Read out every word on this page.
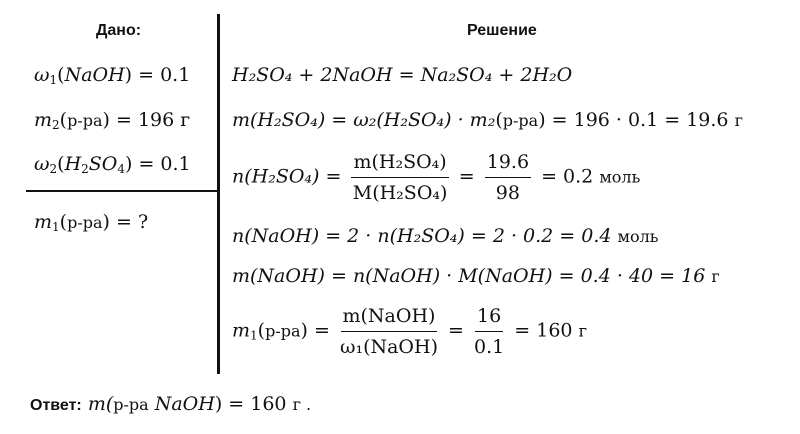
Дано:	Решение
$\omega_1(NaOH) = 0.1$
$m_2(р-ра) = 196$ г
$\omega_2(H_2SO_4) = 0.1$
$m_1(р-ра)$ = ?
H₂SO₄ + 2NaOH = Na₂SO₄ + 2H₂O
m(H₂SO₄) = ω₂(H₂SO₄) · m₂(р-ра) = 196 · 0.1 = 19.6 г
$n(H_2SO_4) = \frac{\text{m(H₂SO₄)}}{\text{M(H₂SO₄)}} = \frac{19.6}{98} = 0.2$ моль
n(NaOH) = 2 · n(H₂SO₄) = 2 · 0.2 = 0.4 моль
m(NaOH) = n(NaOH) · M(NaOH) = 0.4 · 40 = 16 г
$m_1(р-ра) = \frac{\text{m(NaOH)}}{\text{ω₁(NaOH)}} = \frac{16}{0.1} = 160$ г
Ответ: m(р-ра NaOH) = 160 г .
